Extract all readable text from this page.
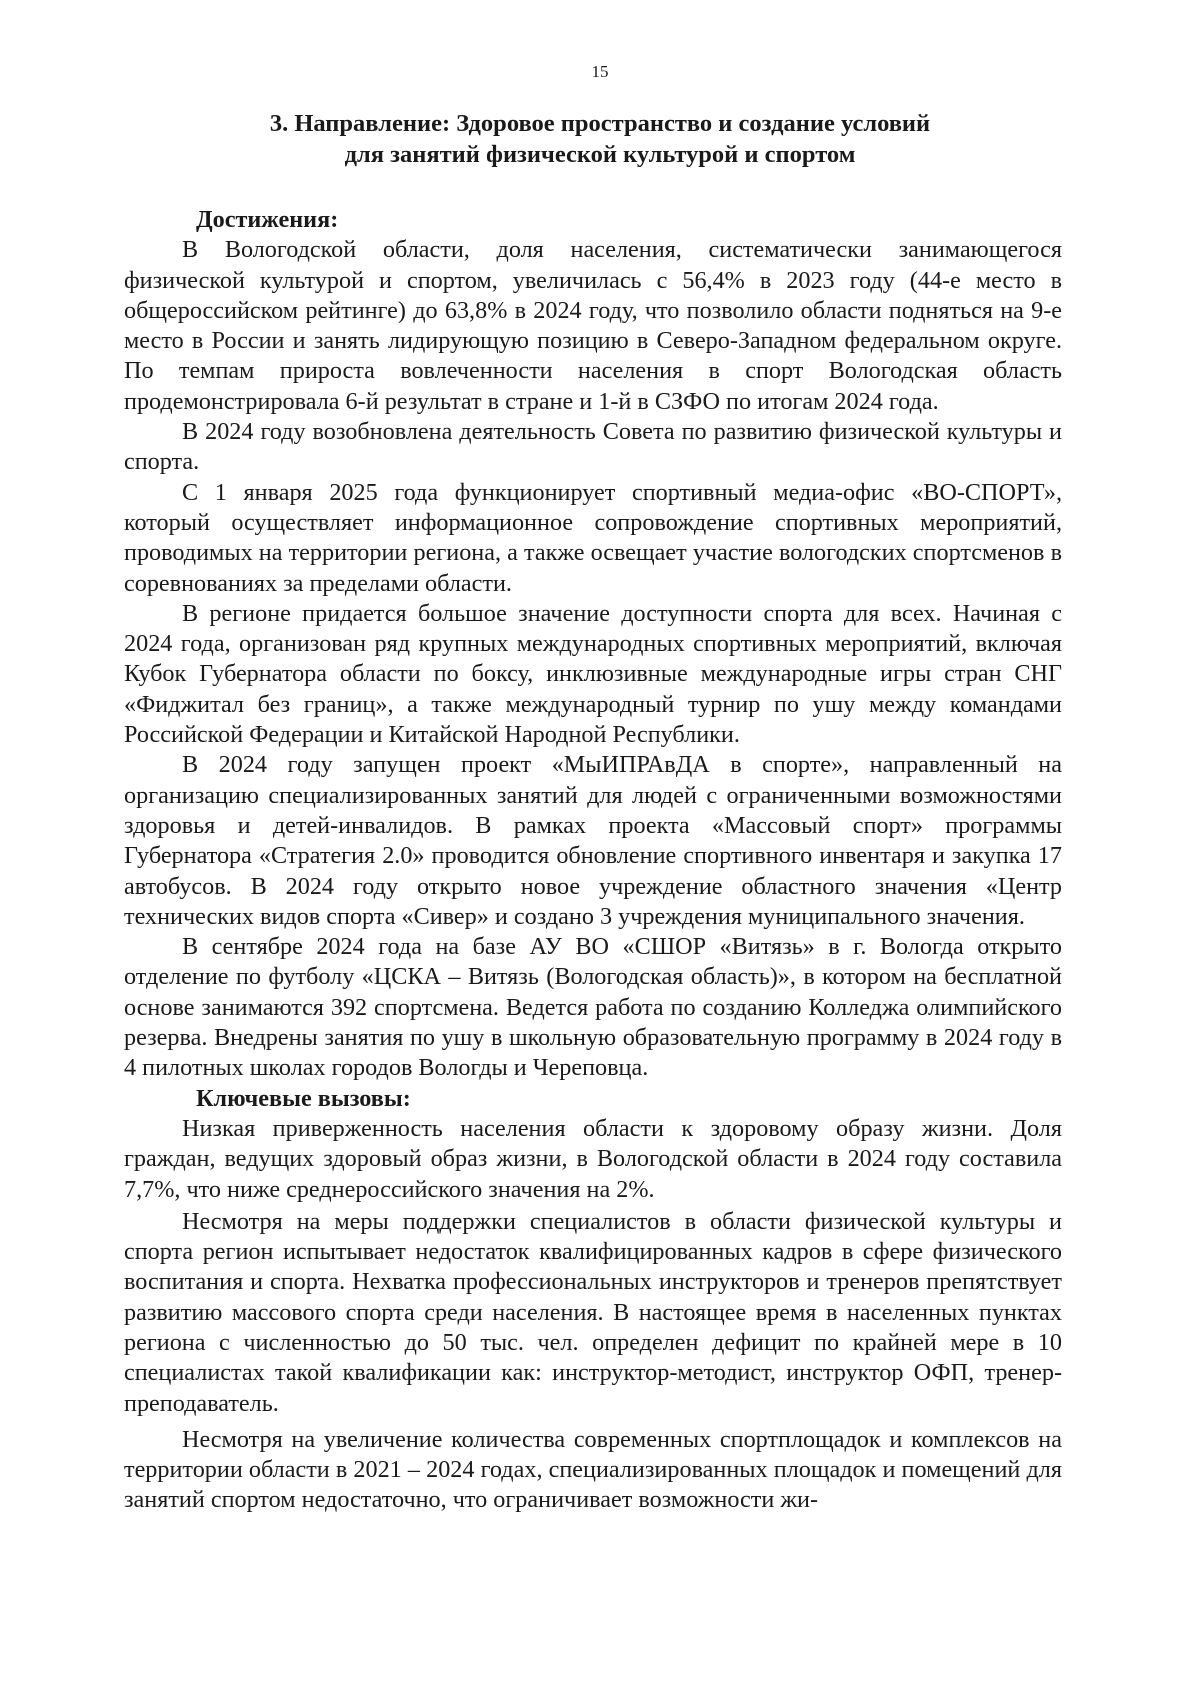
15
3. Направление: Здоровое пространство и создание условий
для занятий физической культурой и спортом

Достижения:

В Вологодской области, доля населения, систематически занимающегося физической культурой и спортом, увеличилась с 56,4% в 2023 году (44-е место в общероссийском рейтинге) до 63,8% в 2024 году, что позволило области подняться на 9-е место в России и занять лидирующую позицию в Северо-Западном федеральном округе. По темпам прироста вовлеченности населения в спорт Вологодская область продемонстрировала 6-й результат в стране и 1-й в СЗФО по итогам 2024 года.

В 2024 году возобновлена деятельность Совета по развитию физической культуры и спорта.

С 1 января 2025 года функционирует спортивный медиа-офис «ВО-СПОРТ», который осуществляет информационное сопровождение спортивных мероприятий, проводимых на территории региона, а также освещает участие вологодских спортсменов в соревнованиях за пределами области.

В регионе придается большое значение доступности спорта для всех. Начиная с 2024 года, организован ряд крупных международных спортивных мероприятий, включая Кубок Губернатора области по боксу, инклюзивные международные игры стран СНГ «Фиджитал без границ», а также международный турнир по ушу между командами Российской Федерации и Китайской Народной Республики.

В 2024 году запущен проект «МыИПРАвДА в спорте», направленный на организацию специализированных занятий для людей с ограниченными возможностями здоровья и детей-инвалидов. В рамках проекта «Массовый спорт» программы Губернатора «Стратегия 2.0» проводится обновление спортивного инвентаря и закупка 17 автобусов. В 2024 году открыто новое учреждение областного значения «Центр технических видов спорта «Сивер» и создано 3 учреждения муниципального значения.

В сентябре 2024 года на базе АУ ВО «СШОР «Витязь» в г. Вологда открыто отделение по футболу «ЦСКА – Витязь (Вологодская область)», в котором на бесплатной основе занимаются 392 спортсмена. Ведется работа по созданию Колледжа олимпийского резерва. Внедрены занятия по ушу в школьную образовательную программу в 2024 году в 4 пилотных школах городов Вологды и Череповца.

Ключевые вызовы:

Низкая приверженность населения области к здоровому образу жизни. Доля граждан, ведущих здоровый образ жизни, в Вологодской области в 2024 году составила 7,7%, что ниже среднероссийского значения на 2%.

Несмотря на меры поддержки специалистов в области физической культуры и спорта регион испытывает недостаток квалифицированных кадров в сфере физического воспитания и спорта. Нехватка профессиональных инструкторов и тренеров препятствует развитию массового спорта среди населения. В настоящее время в населенных пунктах региона с численностью до 50 тыс. чел. определен дефицит по крайней мере в 10 специалистах такой квалификации как: инструктор-методист, инструктор ОФП, тренер-преподаватель.

Несмотря на увеличение количества современных спортплощадок и комплексов на территории области в 2021 – 2024 годах, специализированных площадок и помещений для занятий спортом недостаточно, что ограничивает возможности жи-
